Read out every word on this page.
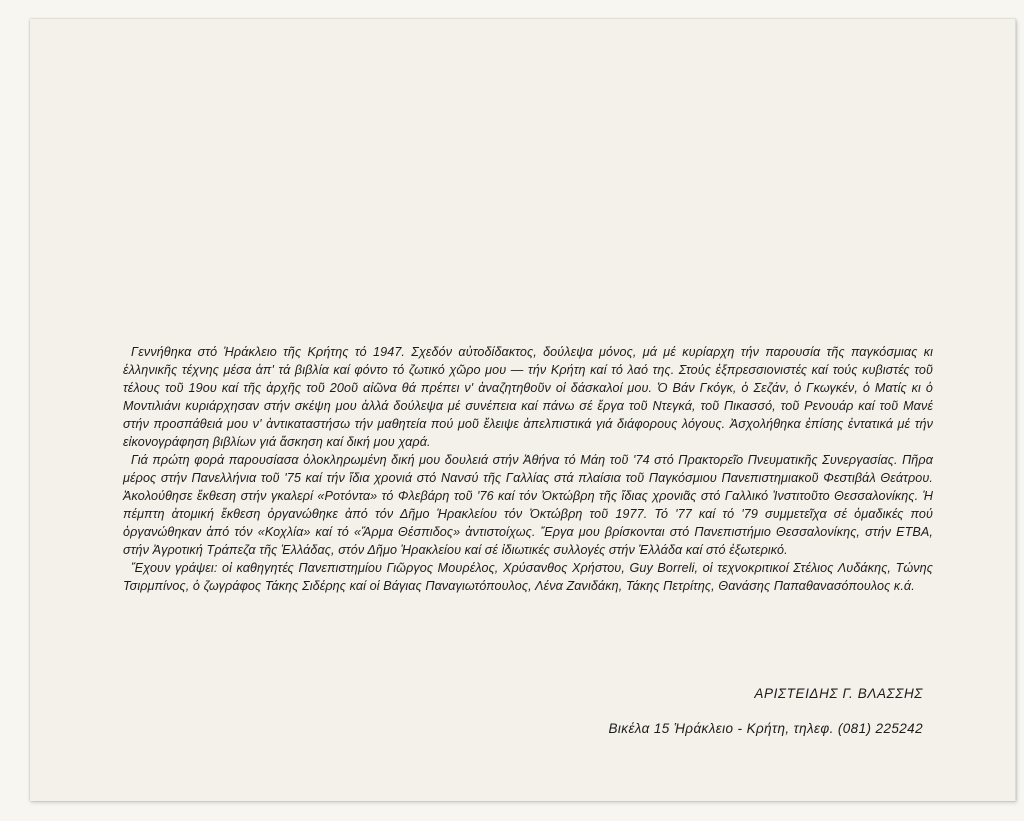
Γεννήθηκα στό Ἡράκλειο τῆς Κρήτης τό 1947. Σχεδόν αὐτοδίδακτος, δούλεψα μόνος, μά μέ κυρίαρχη τήν παρουσία τῆς παγκόσμιας κι ἑλληνικῆς τέχνης μέσα ἀπ' τά βιβλία καί φόντο τό ζωτικό χῶρο μου — τήν Κρήτη καί τό λαό της. Στούς ἐξπρεσσιονιστές καί τούς κυβιστές τοῦ τέλους τοῦ 19ου καί τῆς ἀρχῆς τοῦ 20οῦ αἰῶνα θά πρέπει ν' ἀναζητηθοῦν οἱ δάσκαλοί μου. Ὁ Βάν Γκόγκ, ὁ Σεζάν, ὁ Γκωγκέν, ὁ Ματίς κι ὁ Μοντιλιάνι κυριάρχησαν στήν σκέψη μου ἀλλά δούλεψα μέ συνέπεια καί πάνω σέ ἔργα τοῦ Ντεγκά, τοῦ Πικασσό, τοῦ Ρενουάρ καί τοῦ Μανέ στήν προσπάθειά μου ν' ἀντικαταστήσω τήν μαθητεία πού μοῦ ἔλειψε ἀπελπιστικά γιά διάφορους λόγους. Ἀσχολήθηκα ἐπίσης ἐντατικά μέ τήν εἰκονογράφηση βιβλίων γιά ἄσκηση καί δική μου χαρά.

Γιά πρώτη φορά παρουσίασα ὁλοκληρωμένη δική μου δουλειά στήν Ἀθήνα τό Μάη τοῦ '74 στό Πρακτορεῖο Πνευματικῆς Συνεργασίας. Πῆρα μέρος στήν Πανελλήνια τοῦ '75 καί τήν ἴδια χρονιά στό Νανσύ τῆς Γαλλίας στά πλαίσια τοῦ Παγκόσμιου Πανεπιστημιακοῦ Φεστιβάλ Θεάτρου. Ἀκολούθησε ἔκθεση στήν γκαλερί «Ροτόντα» τό Φλεβάρη τοῦ '76 καί τόν Ὀκτώβρη τῆς ἴδιας χρονιᾶς στό Γαλλικό Ἰνστιτοῦτο Θεσσαλονίκης. Ἡ πέμπτη ἀτομική ἔκθεση ὀργανώθηκε ἀπό τόν Δῆμο Ἡρακλείου τόν Ὀκτώβρη τοῦ 1977. Τό '77 καί τό '79 συμμετεῖχα σέ ὁμαδικές πού ὀργανώθηκαν ἀπό τόν «Κοχλία» καί τό «Ἅρμα Θέσπιδος» ἀντιστοίχως. Ἔργα μου βρίσκονται στό Πανεπιστήμιο Θεσσαλονίκης, στήν ΕΤΒΑ, στήν Ἀγροτική Τράπεζα τῆς Ἑλλάδας, στόν Δῆμο Ἡρακλείου καί σέ ἰδιωτικές συλλογές στήν Ἑλλάδα καί στό ἐξωτερικό.

Ἔχουν γράψει: οἱ καθηγητές Πανεπιστημίου Γιῶργος Μουρέλος, Χρύσανθος Χρήστου, Guy Borreli, οἱ τεχνοκριτικοί Στέλιος Λυδάκης, Τώνης Τσιρμπίνος, ὁ ζωγράφος Τάκης Σιδέρης καί οἱ Βάγιας Παναγιωτόπουλος, Λένα Ζανιδάκη, Τάκης Πετρίτης, Θανάσης Παπαθανασόπουλος κ.ά.

ΑΡΙΣΤΕΙΔΗΣ Γ. ΒΛΑΣΣΗΣ
Βικέλα 15 Ἡράκλειο - Κρήτη, τηλεφ. (081) 225242
